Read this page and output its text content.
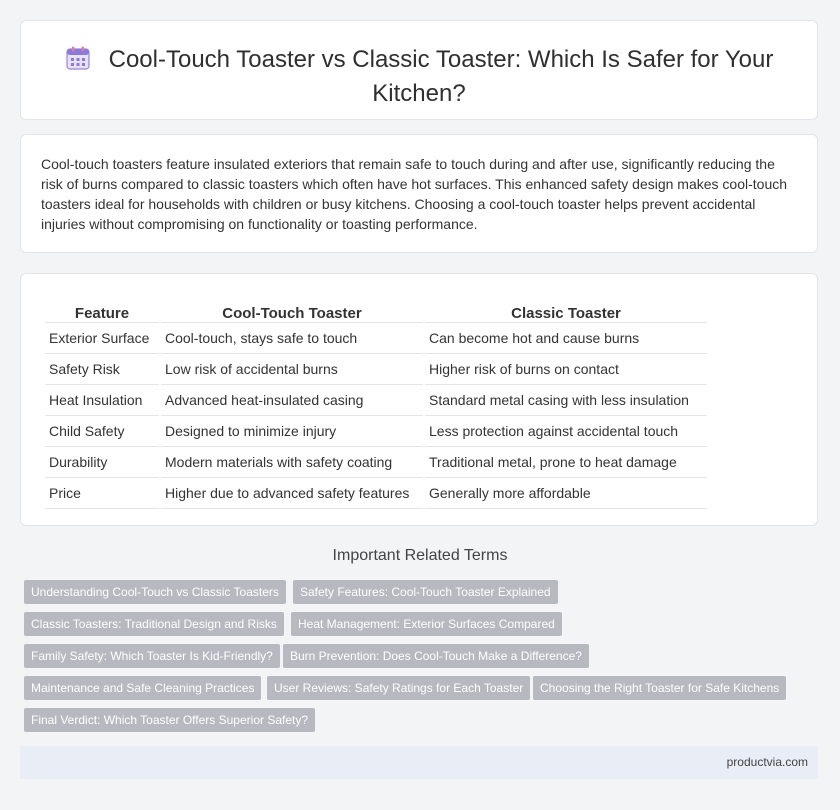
Cool-Touch Toaster vs Classic Toaster: Which Is Safer for Your Kitchen?
Cool-touch toasters feature insulated exteriors that remain safe to touch during and after use, significantly reducing the risk of burns compared to classic toasters which often have hot surfaces. This enhanced safety design makes cool-touch toasters ideal for households with children or busy kitchens. Choosing a cool-touch toaster helps prevent accidental injuries without compromising on functionality or toasting performance.
Feature	Cool-Touch Toaster	Classic Toaster
Exterior Surface	Cool-touch, stays safe to touch	Can become hot and cause burns
Safety Risk	Low risk of accidental burns	Higher risk of burns on contact
Heat Insulation	Advanced heat-insulated casing	Standard metal casing with less insulation
Child Safety	Designed to minimize injury	Less protection against accidental touch
Durability	Modern materials with safety coating	Traditional metal, prone to heat damage
Price	Higher due to advanced safety features	Generally more affordable
Important Related Terms
Understanding Cool-Touch vs Classic Toasters	Safety Features: Cool-Touch Toaster Explained
Classic Toasters: Traditional Design and Risks	Heat Management: Exterior Surfaces Compared
Family Safety: Which Toaster Is Kid-Friendly?	Burn Prevention: Does Cool-Touch Make a Difference?
Maintenance and Safe Cleaning Practices	User Reviews: Safety Ratings for Each Toaster	Choosing the Right Toaster for Safe Kitchens
Final Verdict: Which Toaster Offers Superior Safety?
productvia.com
